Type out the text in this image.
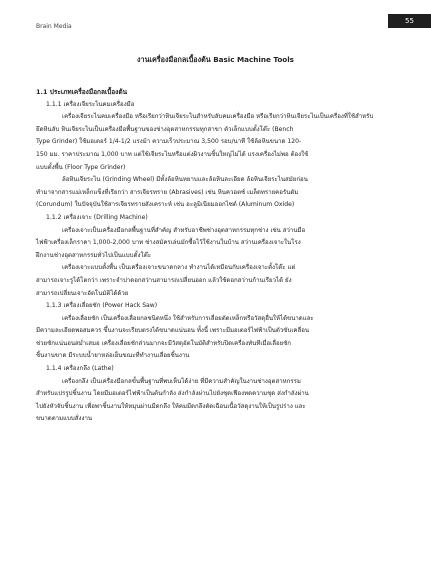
Brain Media
55
งานเครื่องมือกลเบื้องต้น Basic Machine Tools

1.1 ประเภทเครื่องมือกลเบื้องต้น

1.1.1 เครื่องเจียระไนคมเครื่องมือ

เครื่องเจียระไนคมเครื่องมือ หรือเรียกว่าหินเจียระไนสำหรับลับคมเครื่องมือ หรือเรียกว่าหินเจียระไนเป็นเครื่องที่ใช้สำหรับ
ยึดหินลับ หินเจียระไนเป็นเครื่องมือพื้นฐานของช่างอุตสาหกรรมทุกสาขา ตัวเล็กแบบตั้งโต๊ะ (Bench
Type Grinder) ใช้มอเตอร์ 1/4-1/2 แรงม้า ความเร็วประมาณ 3,500 รอบ/นาที ใช้ล้อหินขนาด 120-
150 มม. ราคาประมาณ 1,000 บาท แต่ใช้เจียระไนหรือแต่งผิวงานชิ้นใหญ่ไม่ได้ แรงเครื่องไม่พอ ต้องใช้
แบบตั้งพื้น (Floor Type Grinder)

ล้อหินเจียระไน (Grinding Wheel) มีทั้งล้อหินหยาบและล้อหินละเอียด ล้อหินเจียระไนสมัยก่อน
ทำมาจากสารแม่เหล็กแข็งที่เรียกว่า สารเจียรทราย (Abrasives) เช่น หินควอตซ์ เมล็ดทรายคอรันดัม
(Corundum) ในปัจจุบันใช้สารเจียรทรายสังเคราะห์ เช่น อะลูมิเนียมออกไซด์ (Aluminum Oxide)

1.1.2 เครื่องเจาะ (Drilling Machine)

เครื่องเจาะเป็นเครื่องมือกลพื้นฐานที่สำคัญ สำหรับอาชีพช่างอุตสาหกรรมทุกช่าง เช่น สว่านมือ
ไฟฟ้าเครื่องเล็กราคา 1,000-2,000 บาท ช่างสมัครเล่นมักซื้อไว้ใช้งานในบ้าน สว่านเครื่องเจาะในโรง
ฝึกงานช่างอุตสาหกรรมทั่วไปเป็นแบบตั้งโต๊ะ

เครื่องเจาะแบบตั้งพื้น เป็นเครื่องเจาะขนาดกลาง ทำงานได้เหมือนกับเครื่องเจาะตั้งโต๊ะ แต่
สามารถเจาะรูได้โตกว่า เพราะจำปาดอกสว่านสามารถเปลี่ยนออก แล้วใช้ดอกสว่านก้านเรียวได้ ยัง
สามารถเปลี่ยนเจาะอัตโนมัติได้ด้วย

1.1.3 เครื่องเลื่อยชัก (Power Hack Saw)

เครื่องเลื่อยชัก เป็นเครื่องเลื่อยกลชนิดหนึ่ง ใช้สำหรับการเลื่อยตัดเหล็กหรือวัสดุอื่นให้ได้ขนาดและ
มีความละเอียดพอสมควร ขึ้นงานจะเรียบตรงได้ขนาดแน่นอน ทั้งนี้ เพราะมีมอเตอร์ไฟฟ้าเป็นตัวขับเคลื่อน
ช่วยชักแน่นอนสม่ำเสมอ เครื่องเลื่อยชักส่วนมากจะมีวัสดุอัตโนมัติสำหรับปิดเครื่องทันทีเมื่อเลื่อยชัก
ชิ้นงานขาด มีระบบน้ำยาหล่อเย็นขณะที่ทำงานเลื่อยชิ้นงาน

1.1.4 เครื่องกลึง (Lathe)

เครื่องกลึง เป็นเครื่องมือกลขั้นพื้นฐานที่พบเห็นได้ง่าย ที่มีความสำคัญในงานช่างอุตสาหกรรม
สำหรับแปรรูปชิ้นงาน โดยมีมอเตอร์ไฟฟ้าเป็นต้นกำลัง ส่งกำลังผ่านไปยังชุดเฟืองทดความชุด ส่งกำลังผ่าน
ไปยังหัวจับชิ้นงาน เพื่อพาชิ้นงานให้หมุนผ่านมีดกลึง ให้คมมีดกลึงตัดเฉือนเนื้อวัสดุงานให้เป็นรูปร่าง และ
ขนาดตามแบบสั่งงาน
